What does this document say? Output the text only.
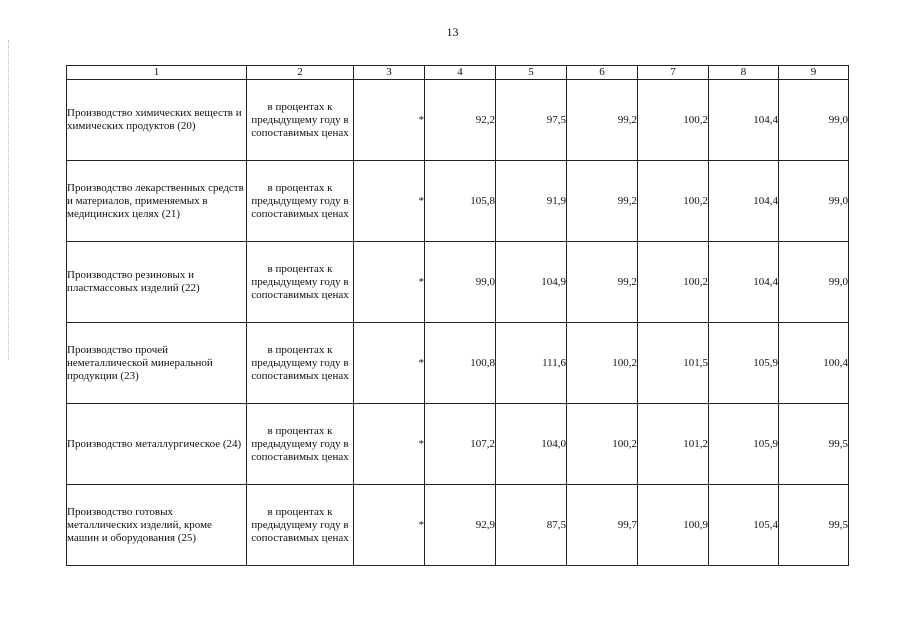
13
1	2	3	4	5	6	7	8	9
Производство химических веществ и химических продуктов (20)	в процентах к предыдущему году в сопоставимых ценах	*	92,2	97,5	99,2	100,2	104,4	99,0
Производство лекарственных средств и материалов, применяемых в медицинских целях (21)	в процентах к предыдущему году в сопоставимых ценах	*	105,8	91,9	99,2	100,2	104,4	99,0
Производство резиновых и пластмассовых изделий (22)	в процентах к предыдущему году в сопоставимых ценах	*	99,0	104,9	99,2	100,2	104,4	99,0
Производство прочей неметаллической минеральной продукции (23)	в процентах к предыдущему году в сопоставимых ценах	*	100,8	111,6	100,2	101,5	105,9	100,4
Производство металлургическое (24)	в процентах к предыдущему году в сопоставимых ценах	*	107,2	104,0	100,2	101,2	105,9	99,5
Производство готовых металлических изделий, кроме машин и оборудования (25)	в процентах к предыдущему году в сопоставимых ценах	*	92,9	87,5	99,7	100,9	105,4	99,5
